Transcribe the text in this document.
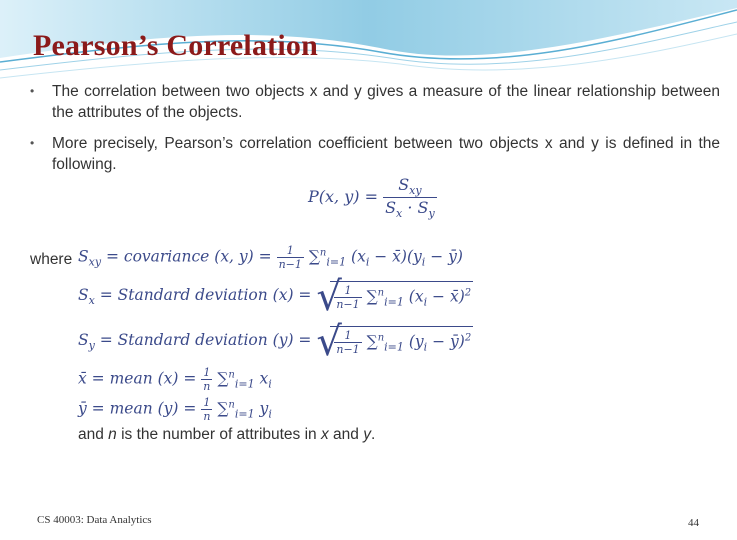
Pearson’s Correlation
• The correlation between two objects x and y gives a measure of the linear relationship between the attributes of the objects.
• More precisely, Pearson’s correlation coefficient between two objects x and y is defined in the following.
P(x, $y) = \frac{S_{xy}}{S_x \cdot S_y}$
where $S_{xy}$ = covariance (x, $y) = \frac{1}{n-1} \sum^n_{i=1}$ ($x_i$ − $x̄)(y_i$ − ȳ)
$S_x$ = Standard deviation (x) = √
$\frac{1}{n-1} \sum^n_{i=1}$ ($x_i$ − x̄)$^2$
$S_y$ = Standard deviation (y) = √
$\frac{1}{n-1} \sum^n_{i=1}$ ($y_i$ − ȳ)$^2$
x̄ = mean $(x) = \frac{1}{n} \sum^n_{i=1}$ $x_i$
ȳ = mean $(y) = \frac{1}{n} \sum^n_{i=1}$ $y_i$
and n is the number of attributes in x and y.
CS 40003: Data Analytics	44
